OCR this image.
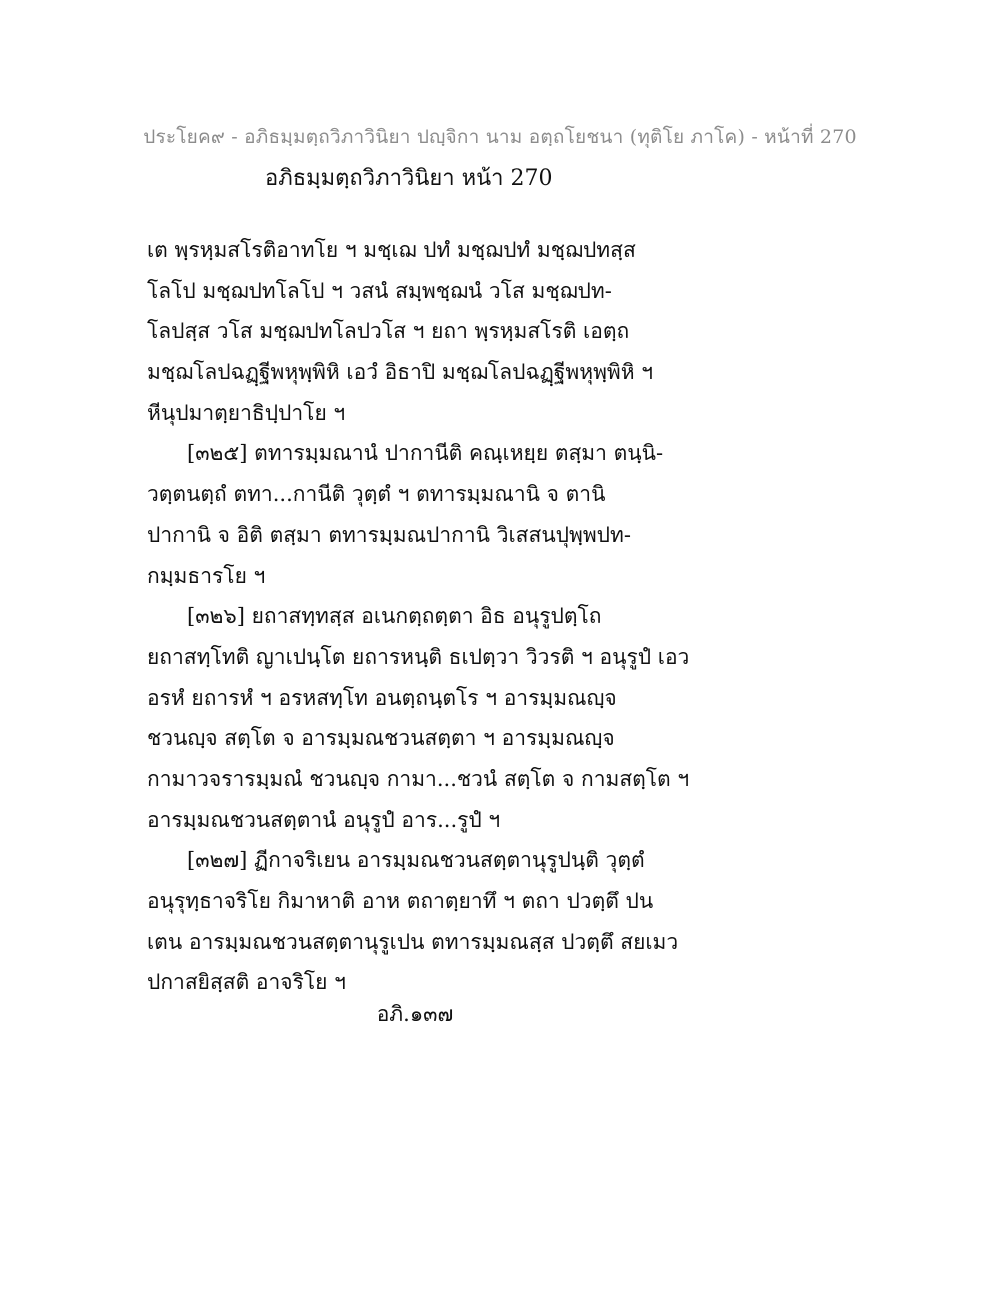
ประโยค๙ - อภิธมฺมตฺถวิภาวินิยา ปญฺจิกา นาม อตฺถโยชนา (ทุติโย ภาโค) - หน้าที่ 270
อภิธมฺมตฺถวิภาวินิยา หน้า 270
เต พฺรหฺมสโรติอาทโย ฯ มชฺเฌ ปทํ มชฺฌปทํ มชฺฌปทสฺส
โลโป มชฺฌปทโลโป ฯ วสนํ สมฺพชฺฌนํ วโส มชฺฌปท-
โลปสฺส วโส มชฺฌปทโลปวโส ฯ ยถา พฺรหฺมสโรติ เอตฺถ
มชฺฌโลปฉฏฺฐีพหุพฺพิหิ เอวํ อิธาปิ มชฺฌโลปฉฏฺฐีพหุพฺพิหิ ฯ
หีนุปมาตฺยาธิปฺปาโย ฯ
[๓๒๕] ตทารมฺมณานํ ปากานีติ คณฺเหยฺย ตสฺมา ตนฺนิ-
วตฺตนตฺถํ ตทา...กานีติ วุตฺตํ ฯ ตทารมฺมณานิ จ ตานิ
ปากานิ จ อิติ ตสฺมา ตทารมฺมณปากานิ วิเสสนปุพฺพปท-
กมฺมธารโย ฯ
[๓๒๖] ยถาสทฺทสฺส อเนกตฺถตฺตา อิธ อนุรูปตฺโถ
ยถาสทฺโทติ ญาเปนฺโต ยถารหนฺติ ธเปตฺวา วิวรติ ฯ อนุรูปํ เอว
อรหํ ยถารหํ ฯ อรหสทฺโท อนตฺถนฺตโร ฯ อารมฺมณญฺจ
ชวนญฺจ สตฺโต จ อารมฺมณชวนสตฺตา ฯ อารมฺมณญฺจ
กามาวจรารมฺมณํ ชวนญฺจ กามา...ชวนํ สตฺโต จ กามสตฺโต ฯ
อารมฺมณชวนสตฺตานํ อนุรูปํ อาร...รูปํ ฯ
[๓๒๗] ฏีกาจริเยน อารมฺมณชวนสตฺตานุรูปนฺติ วุตฺตํ
อนุรุทฺธาจริโย กิมาหาติ อาห ตถาตฺยาทึ ฯ ตถา ปวตฺตึ ปน
เตน อารมฺมณชวนสตฺตานุรูเปน ตทารมฺมณสฺส ปวตฺตึ สยเมว
ปกาสยิสฺสติ อาจริโย ฯ
อภิ.๑๓๗
